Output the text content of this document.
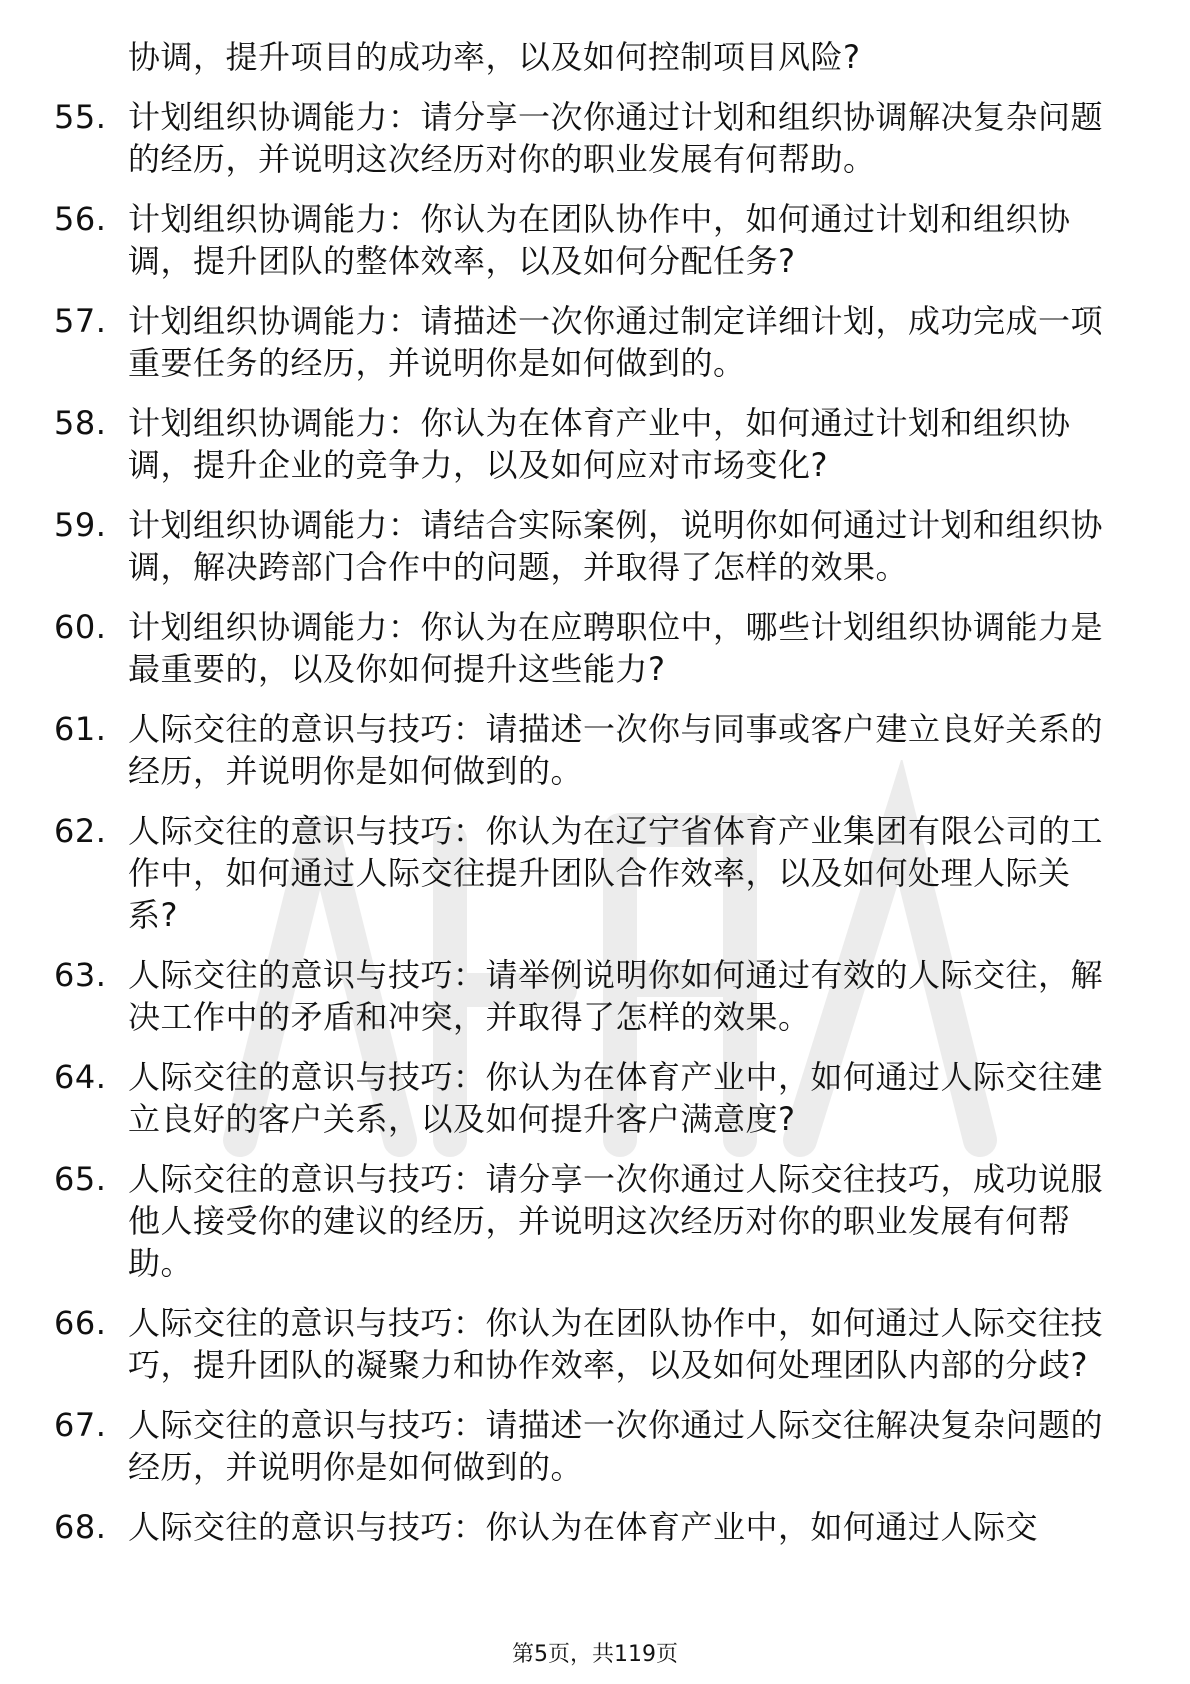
协调，提升项目的成功率，以及如何控制项目风险?
55. 计划组织协调能力：请分享一次你通过计划和组织协调解决复杂问题的经历，并说明这次经历对你的职业发展有何帮助。
56. 计划组织协调能力：你认为在团队协作中，如何通过计划和组织协调，提升团队的整体效率，以及如何分配任务?
57. 计划组织协调能力：请描述一次你通过制定详细计划，成功完成一项重要任务的经历，并说明你是如何做到的。
58. 计划组织协调能力：你认为在体育产业中，如何通过计划和组织协调，提升企业的竞争力，以及如何应对市场变化?
59. 计划组织协调能力：请结合实际案例，说明你如何通过计划和组织协调，解决跨部门合作中的问题，并取得了怎样的效果。
60. 计划组织协调能力：你认为在应聘职位中，哪些计划组织协调能力是最重要的，以及你如何提升这些能力?
61. 人际交往的意识与技巧：请描述一次你与同事或客户建立良好关系的经历，并说明你是如何做到的。
62. 人际交往的意识与技巧：你认为在辽宁省体育产业集团有限公司的工作中，如何通过人际交往提升团队合作效率，以及如何处理人际关系?
63. 人际交往的意识与技巧：请举例说明你如何通过有效的人际交往，解决工作中的矛盾和冲突，并取得了怎样的效果。
64. 人际交往的意识与技巧：你认为在体育产业中，如何通过人际交往建立良好的客户关系，以及如何提升客户满意度?
65. 人际交往的意识与技巧：请分享一次你通过人际交往技巧，成功说服他人接受你的建议的经历，并说明这次经历对你的职业发展有何帮助。
66. 人际交往的意识与技巧：你认为在团队协作中，如何通过人际交往技巧，提升团队的凝聚力和协作效率，以及如何处理团队内部的分歧?
67. 人际交往的意识与技巧：请描述一次你通过人际交往解决复杂问题的经历，并说明你是如何做到的。
68. 人际交往的意识与技巧：你认为在体育产业中，如何通过人际交
第5页，共119页
